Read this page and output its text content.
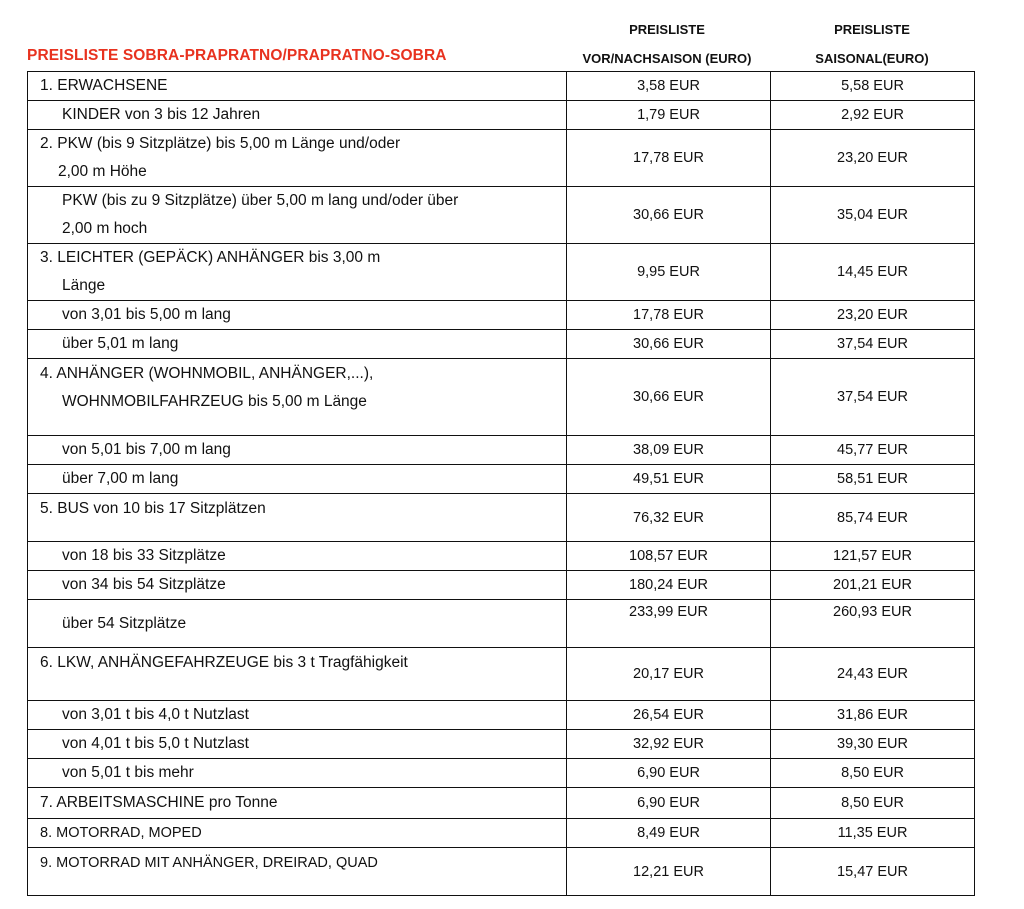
PREISLISTE SOBRA-PRAPRATNO/PRAPRATNO-SOBRA
PREISLISTE
VOR/NACHSAISON (EURO)
PREISLISTE
SAISONAL(EURO)
1. ERWACHSENE	3,58 EUR	5,58 EUR
KINDER von 3 bis 12 Jahren	1,79 EUR	2,92 EUR

2. PKW (bis 9 Sitzplätze) bis 5,00 m Länge und/oder
2,00 m Höhe	17,78 EUR	23,20 EUR

PKW (bis zu 9 Sitzplätze) über 5,00 m lang und/oder über
2,00 m hoch	30,66 EUR	35,04 EUR

3. LEICHTER (GEPÄCK) ANHÄNGER bis 3,00 m
Länge	9,95 EUR	14,45 EUR
von 3,01 bis 5,00 m lang	17,78 EUR	23,20 EUR
über 5,01 m lang	30,66 EUR	37,54 EUR

4. ANHÄNGER (WOHNMOBIL, ANHÄNGER,...),
WOHNMOBILFAHRZEUG bis 5,00 m Länge	30,66 EUR	37,54 EUR
von 5,01 bis 7,00 m lang	38,09 EUR	45,77 EUR
über 7,00 m lang	49,51 EUR	58,51 EUR
5. BUS von 10 bis 17 Sitzplätzen	76,32 EUR	85,74 EUR
von 18 bis 33 Sitzplätze	108,57 EUR	121,57 EUR
von 34 bis 54 Sitzplätze	180,24 EUR	201,21 EUR
über 54 Sitzplätze	233,99 EUR	260,93 EUR
6. LKW, ANHÄNGEFAHRZEUGE bis 3 t Tragfähigkeit	20,17 EUR	24,43 EUR
von 3,01 t bis 4,0 t Nutzlast	26,54 EUR	31,86 EUR
von 4,01 t bis 5,0 t Nutzlast	32,92 EUR	39,30 EUR
von 5,01 t bis mehr	6,90 EUR	8,50 EUR
7. ARBEITSMASCHINE pro Tonne	6,90 EUR	8,50 EUR
8. MOTORRAD, MOPED	8,49 EUR	11,35 EUR
9. MOTORRAD MIT ANHÄNGER, DREIRAD, QUAD	12,21 EUR	15,47 EUR
